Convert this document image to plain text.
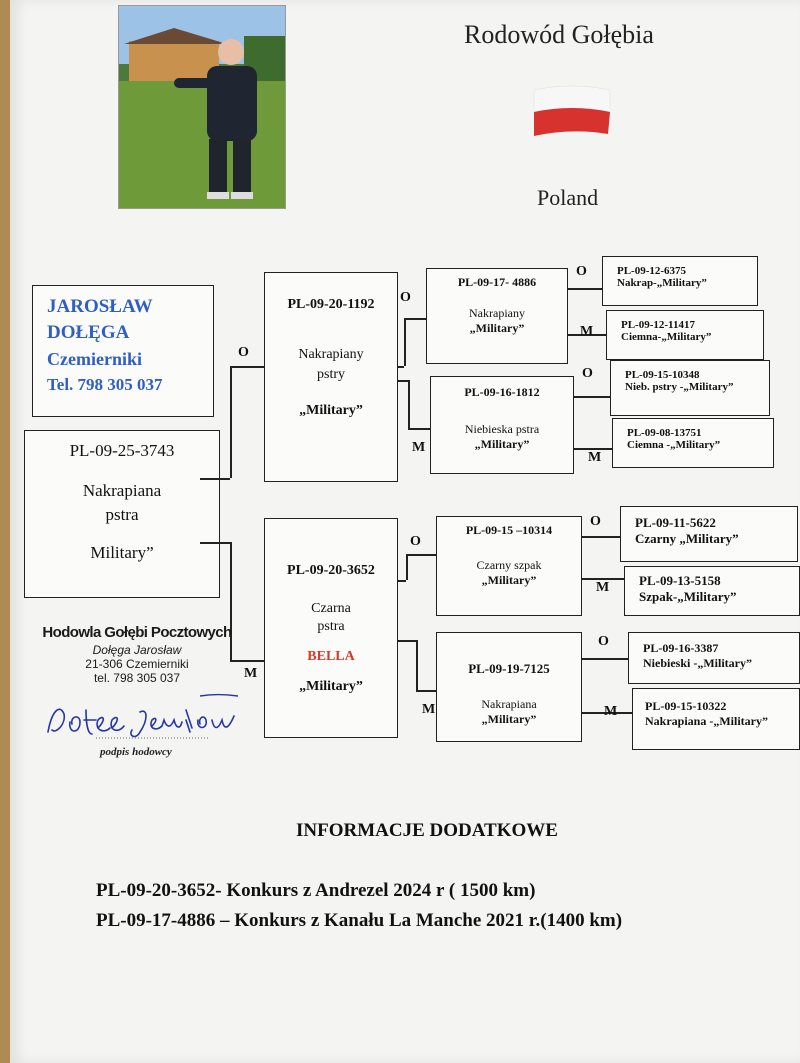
Rodowód Gołębia
Poland
JAROSŁAW
DOŁĘGA
Czemierniki
Tel. 798 305 037
PL-09-25-3743
Nakrapiana
pstra
Military”
PL-09-20-1192
Nakrapiany
pstry
„Military”
PL-09-20-3652
Czarna
pstra
BELLA
„Military”
PL-09-17- 4886
Nakrapiany
„Military”
PL-09-16-1812
Niebieska pstra
„Military”
PL-09-15 –10314
Czarny szpak
„Military”
PL-09-19-7125
Nakrapiana
„Military”
PL-09-12-6375
Nakrap-„Military”
PL-09-12-11417
Ciemna-„Military”
PL-09-15-10348
Nieb. pstry -„Military”
PL-09-08-13751
Ciemna -„Military”
PL-09-11-5622
Czarny „Military”
PL-09-13-5158
Szpak-„Military”
PL-09-16-3387
Niebieski -„Military”
PL-09-15-10322
Nakrapiana -„Military”
O
M
O
M
O
M
O
M
O
M
O
M
O
M
Hodowla Gołębi Pocztowych
Dołęga Jarosław
21-306 Czemierniki
tel. 798 305 037
podpis hodowcy
INFORMACJE DODATKOWE
PL-09-20-3652- Konkurs z Andrezel 2024 r ( 1500 km)
PL-09-17-4886 – Konkurs z Kanału La Manche 2021 r.(1400 km)
